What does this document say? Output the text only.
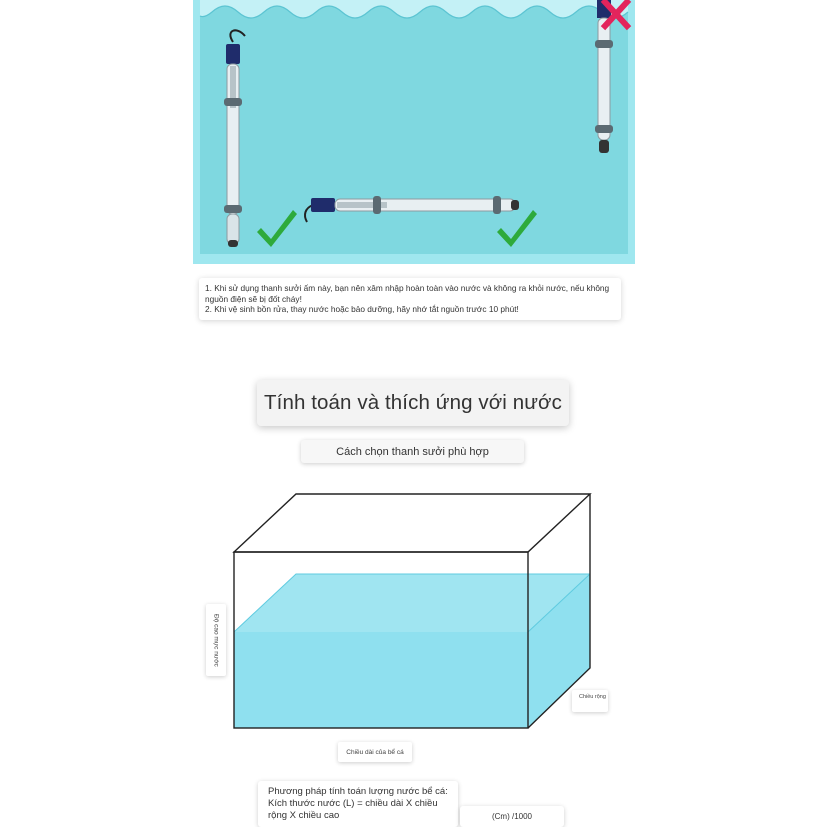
1. Khi sử dụng thanh sưởi ấm này, bạn nên xâm nhập hoàn toàn vào nước và không ra khỏi nước, nếu không nguồn điện sẽ bị đốt cháy!
2. Khi vệ sinh bồn rửa, thay nước hoặc bảo dưỡng, hãy nhớ tắt nguồn trước 10 phút!
Tính toán và thích ứng với nước
Cách chọn thanh sưởi phù hợp
Độ cao mực nước
Chiều rộng
Chiều dài của bể cá
Phương pháp tính toán lượng nước bể cá: Kích thước nước (L) = chiều dài X chiều rộng X chiều cao	(Cm) /1000
